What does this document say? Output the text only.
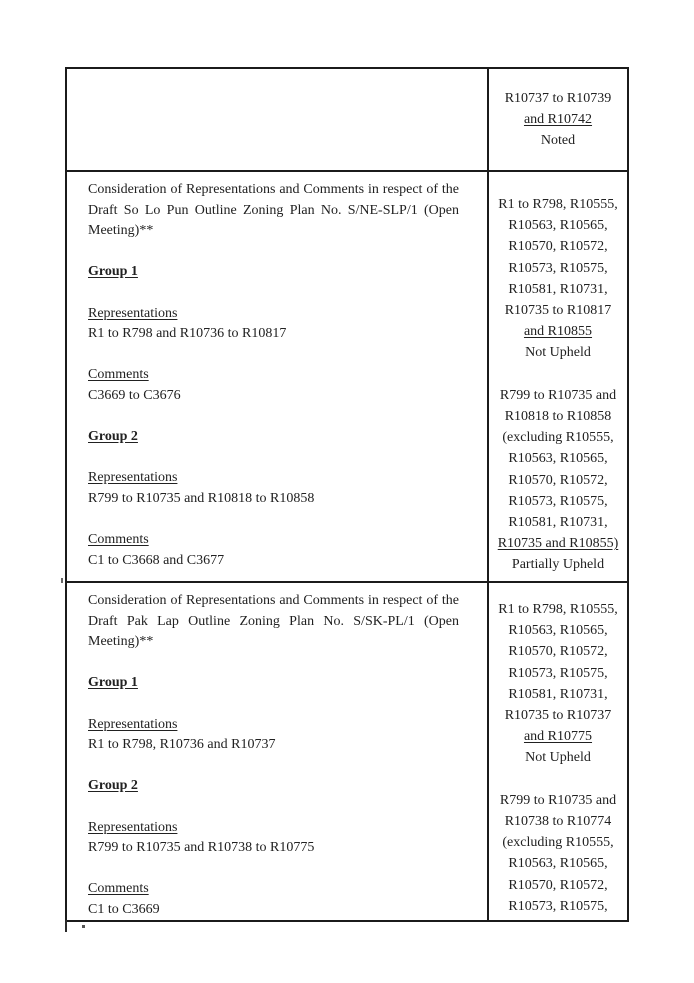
R10737 to R10739
and R10742
Noted

Consideration of Representations and Comments in respect of the Draft So Lo Pun Outline Zoning Plan No. S/NE-SLP/1 (Open Meeting)**

Group 1
Representations
R1 to R798 and R10736 to R10817
Comments
C3669 to C3676
Group 2
Representations
R799 to R10735 and R10818 to R10858
Comments
C1 to C3668 and C3677
R1 to R798, R10555,
R10563, R10565,
R10570, R10572,
R10573, R10575,
R10581, R10731,
R10735 to R10817
and R10855
Not Upheld
R799 to R10735 and
R10818 to R10858
(excluding R10555,
R10563, R10565,
R10570, R10572,
R10573, R10575,
R10581, R10731,
R10735 and R10855)
Partially Upheld

Consideration of Representations and Comments in respect of the Draft Pak Lap Outline Zoning Plan No. S/SK-PL/1 (Open Meeting)**

Group 1
Representations
R1 to R798, R10736 and R10737
Group 2
Representations
R799 to R10735 and R10738 to R10775
Comments
C1 to C3669
R1 to R798, R10555,
R10563, R10565,
R10570, R10572,
R10573, R10575,
R10581, R10731,
R10735 to R10737
and R10775
Not Upheld
R799 to R10735 and
R10738 to R10774
(excluding R10555,
R10563, R10565,
R10570, R10572,
R10573, R10575,
